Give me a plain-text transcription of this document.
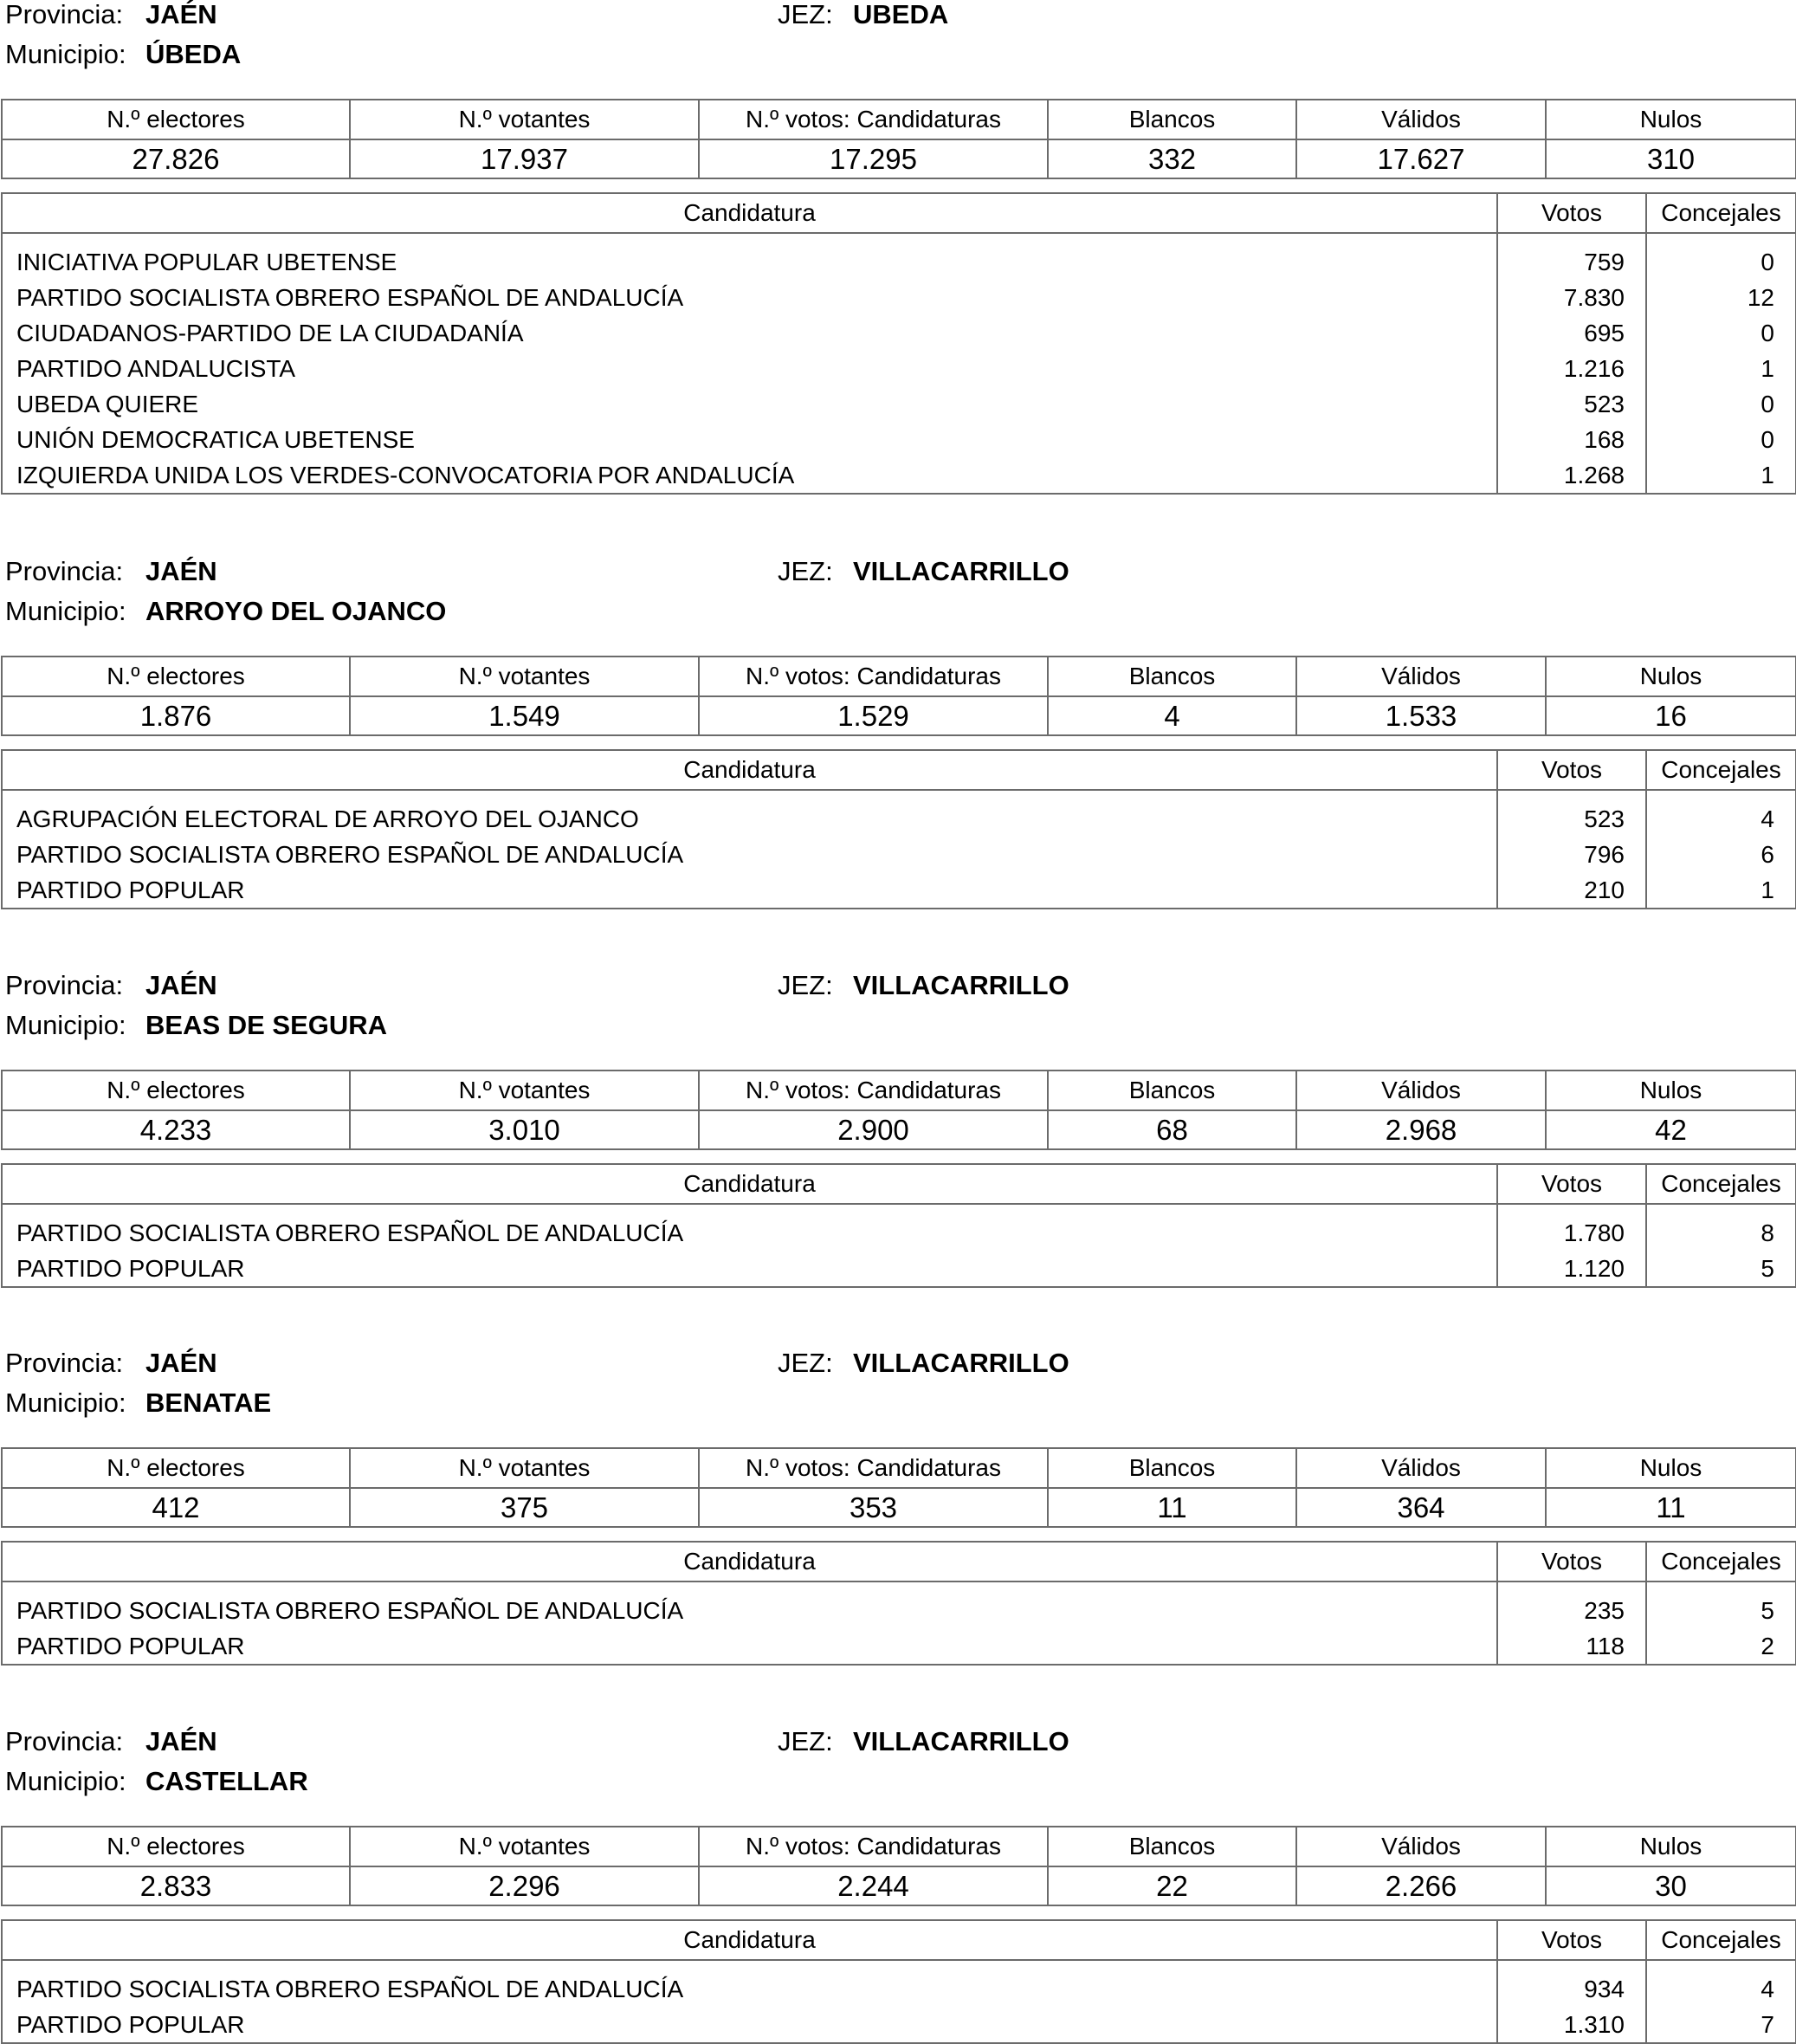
Provincia: JAÉN	JEZ: UBEDA
Municipio: ÚBEDA
N.º electores	N.º votantes	N.º votos: Candidaturas	Blancos	Válidos	Nulos
27.826	17.937	17.295	332	17.627	310
Candidatura	Votos	Concejales
INICIATIVA POPULAR UBETENSE	759	0
PARTIDO SOCIALISTA OBRERO ESPAÑOL DE ANDALUCÍA	7.830	12
CIUDADANOS-PARTIDO DE LA CIUDADANÍA	695	0
PARTIDO ANDALUCISTA	1.216	1
UBEDA QUIERE	523	0
UNIÓN DEMOCRATICA UBETENSE	168	0
IZQUIERDA UNIDA LOS VERDES-CONVOCATORIA POR ANDALUCÍA	1.268	1
Provincia: JAÉN	JEZ: VILLACARRILLO
Municipio: ARROYO DEL OJANCO
N.º electores	N.º votantes	N.º votos: Candidaturas	Blancos	Válidos	Nulos
1.876	1.549	1.529	4	1.533	16
Candidatura	Votos	Concejales
AGRUPACIÓN ELECTORAL DE ARROYO DEL OJANCO	523	4
PARTIDO SOCIALISTA OBRERO ESPAÑOL DE ANDALUCÍA	796	6
PARTIDO POPULAR	210	1
Provincia: JAÉN	JEZ: VILLACARRILLO
Municipio: BEAS DE SEGURA
N.º electores	N.º votantes	N.º votos: Candidaturas	Blancos	Válidos	Nulos
4.233	3.010	2.900	68	2.968	42
Candidatura	Votos	Concejales
PARTIDO SOCIALISTA OBRERO ESPAÑOL DE ANDALUCÍA	1.780	8
PARTIDO POPULAR	1.120	5
Provincia: JAÉN	JEZ: VILLACARRILLO
Municipio: BENATAE
N.º electores	N.º votantes	N.º votos: Candidaturas	Blancos	Válidos	Nulos
412	375	353	11	364	11
Candidatura	Votos	Concejales
PARTIDO SOCIALISTA OBRERO ESPAÑOL DE ANDALUCÍA	235	5
PARTIDO POPULAR	118	2
Provincia: JAÉN	JEZ: VILLACARRILLO
Municipio: CASTELLAR
N.º electores	N.º votantes	N.º votos: Candidaturas	Blancos	Válidos	Nulos
2.833	2.296	2.244	22	2.266	30
Candidatura	Votos	Concejales
PARTIDO SOCIALISTA OBRERO ESPAÑOL DE ANDALUCÍA	934	4
PARTIDO POPULAR	1.310	7
